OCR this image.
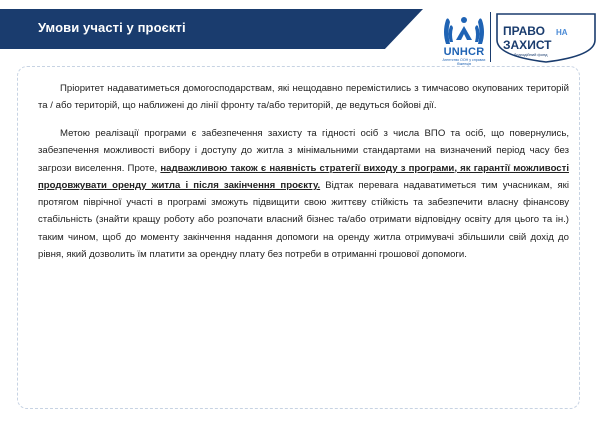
Умови участі у проєкті
UNHCR
Агентство ООН у справах біженців
ПРАВО НА
ЗАХИСТ
благодійний фонд

Пріоритет надаватиметься домогосподарствам, які нещодавно перемістились з тимчасово окупованих територій та / або територій, що наближені до лінії фронту та/або територій, де ведуться бойові дії.

Метою реалізації програми є забезпечення захисту та гідності осіб з числа ВПО та осіб, що повернулись, забезпечення можливості вибору і доступу до житла з мінімальними стандартами на визначений період часу без загрози виселення. Проте, надважливою також є наявність стратегії виходу з програми, як гарантії можливості продовжувати оренду житла і після закінчення проєкту. Відтак перевага надаватиметься тим учасникам, які протягом піврічної участі в програмі зможуть підвищити свою життєву стійкість та забезпечити власну фінансову стабільність (знайти кращу роботу або розпочати власний бізнес та/або отримати відповідну освіту для цього та ін.) таким чином, щоб до моменту закінчення надання допомоги на оренду житла отримувачі збільшили свій дохід до рівня, який дозволить їм платити за орендну плату без потреби в отриманні грошової допомоги.
